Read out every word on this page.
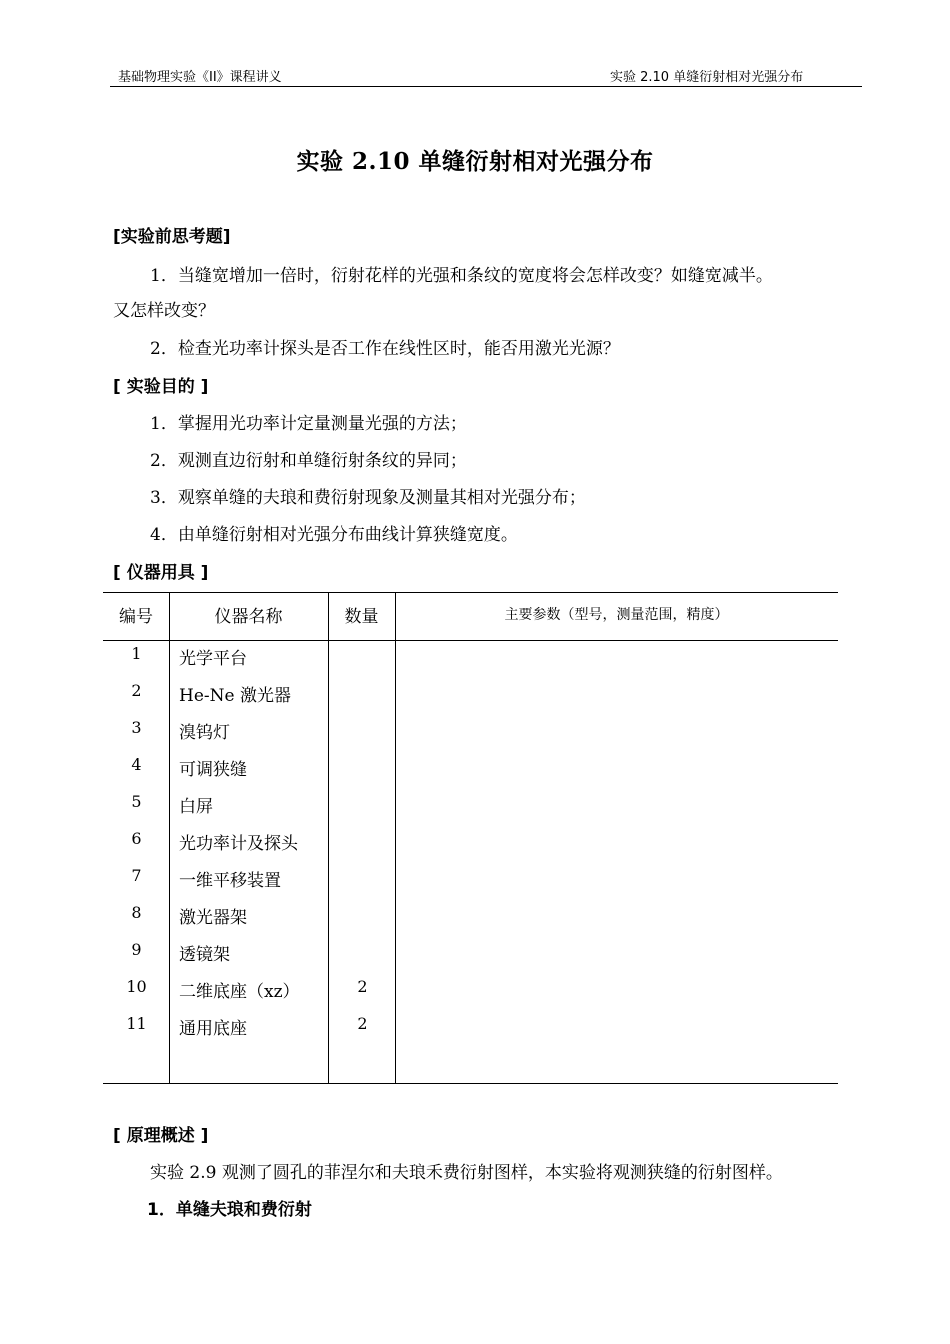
基础物理实验《II》课程讲义	实验 2.10 单缝衍射相对光强分布
实验 2.10 单缝衍射相对光强分布
[实验前思考题]
1．当缝宽增加一倍时，衍射花样的光强和条纹的宽度将会怎样改变？如缝宽减半。
又怎样改变？
2．检查光功率计探头是否工作在线性区时，能否用激光光源？
[ 实验目的 ]
1．掌握用光功率计定量测量光强的方法；
2．观测直边衍射和单缝衍射条纹的异同；
3．观察单缝的夫琅和费衍射现象及测量其相对光强分布；
4．由单缝衍射相对光强分布曲线计算狭缝宽度。
[ 仪器用具 ]
编号	仪器名称	数量	主要参数（型号，测量范围，精度）
1	光学平台
2	He-Ne 激光器
3	溴钨灯
4	可调狭缝
5	白屏
6	光功率计及探头
7	一维平移装置
8	激光器架
9	透镜架
10	二维底座（xz）	2
11	通用底座	2
[ 原理概述 ]
实验 2.9 观测了圆孔的菲涅尔和夫琅禾费衍射图样，本实验将观测狭缝的衍射图样。
1．单缝夫琅和费衍射
